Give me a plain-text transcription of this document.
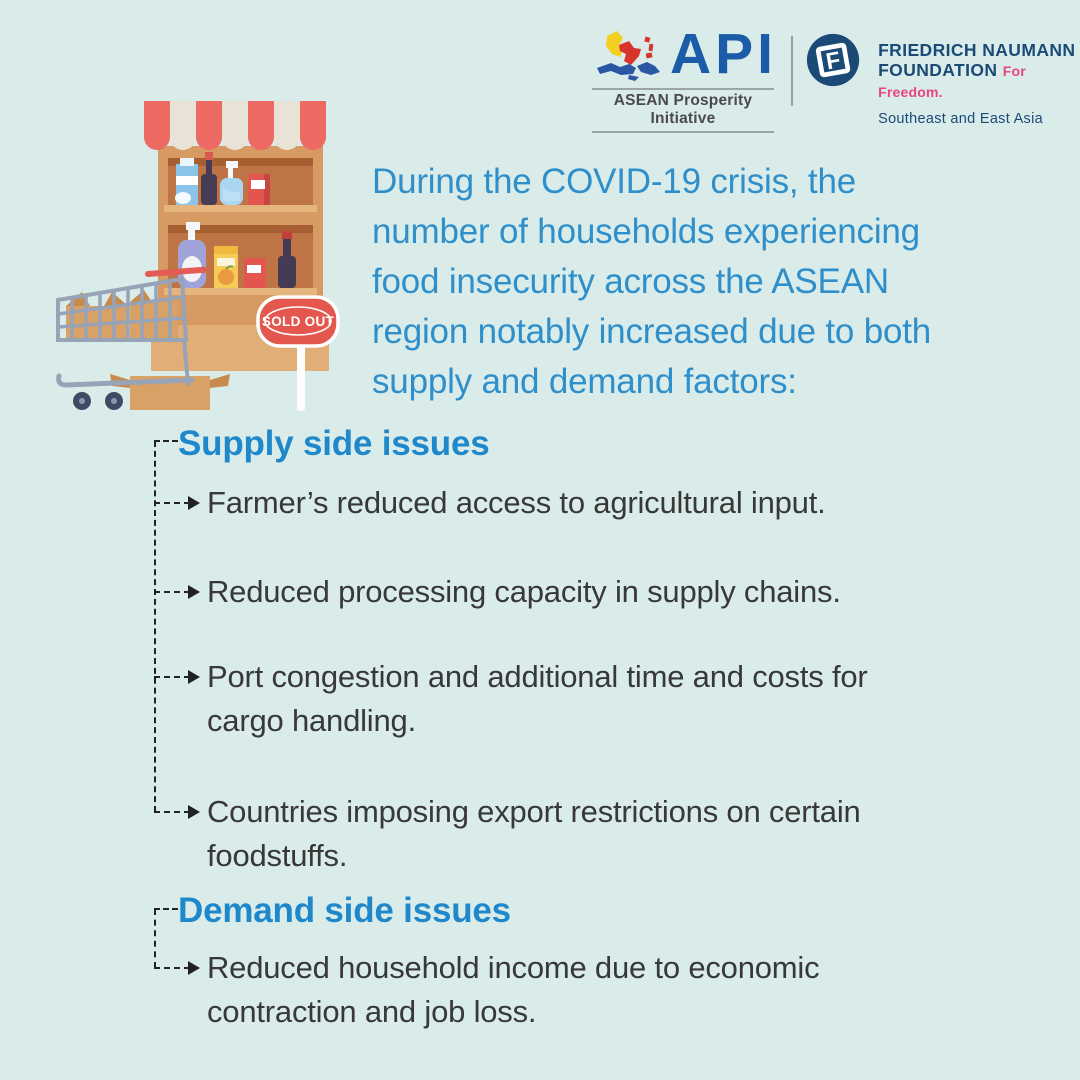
API
ASEAN Prosperity Initiative
F FRIEDRICH NAUMANN
FOUNDATION For Freedom.
Southeast and East Asia
SOLD OUT
During the COVID-19 crisis, the
number of households experiencing
food insecurity across the ASEAN
region notably increased due to both
supply and demand factors:
Supply side issues
Farmer’s reduced access to agricultural input.
Reduced processing capacity in supply chains.
Port congestion and additional time and costs for cargo handling.
Countries imposing export restrictions on certain foodstuffs.
Demand side issues
Reduced household income due to economic contraction and job loss.
